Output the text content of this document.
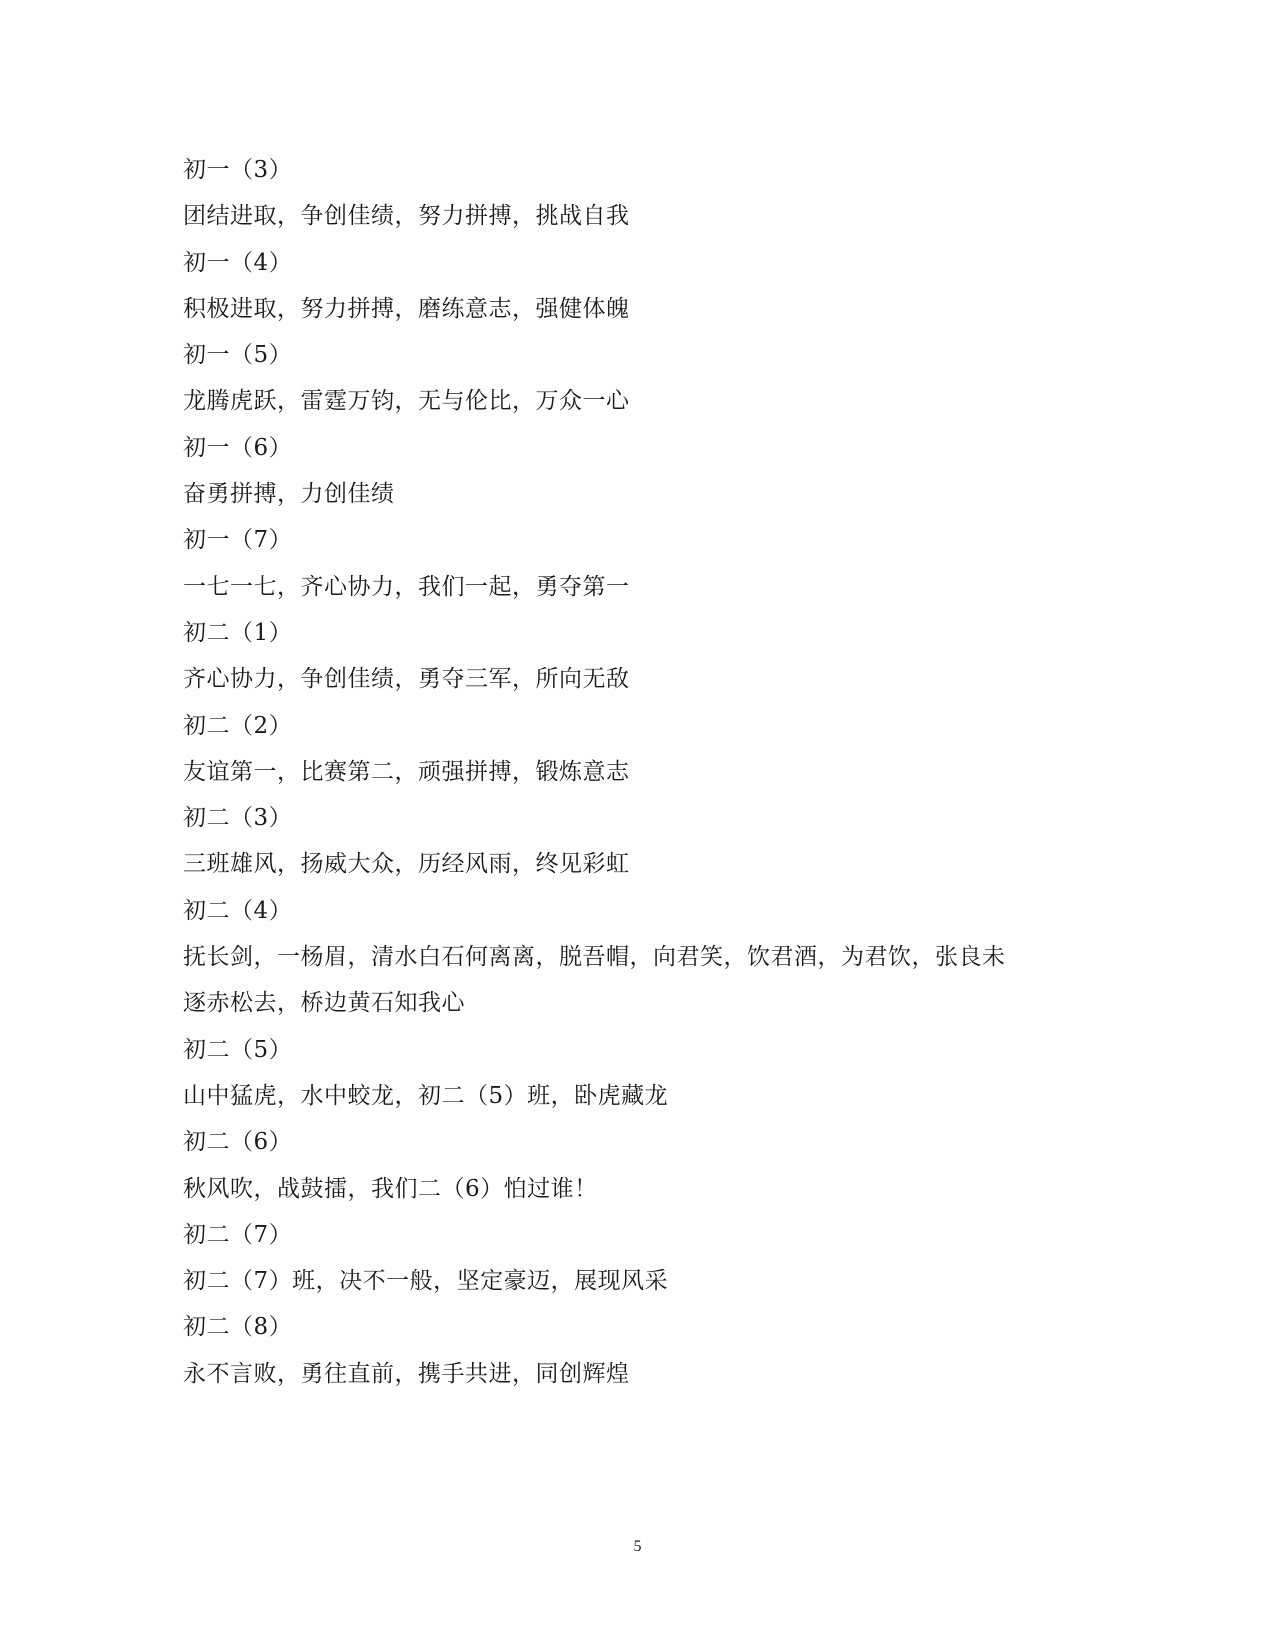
初一（3）
团结进取，争创佳绩，努力拼搏，挑战自我
初一（4）
积极进取，努力拼搏，磨练意志，强健体魄
初一（5）
龙腾虎跃，雷霆万钧，无与伦比，万众一心
初一（6）
奋勇拼搏，力创佳绩
初一（7）
一七一七，齐心协力，我们一起，勇夺第一
初二（1）
齐心协力，争创佳绩，勇夺三军，所向无敌
初二（2）
友谊第一，比赛第二，顽强拼搏，锻炼意志
初二（3）
三班雄风，扬威大众，历经风雨，终见彩虹
初二（4）
抚长剑，一杨眉，清水白石何离离，脱吾帽，向君笑，饮君酒，为君饮，张良未
逐赤松去，桥边黄石知我心
初二（5）
山中猛虎，水中蛟龙，初二（5）班，卧虎藏龙
初二（6）
秋风吹，战鼓擂，我们二（6）怕过谁！
初二（7）
初二（7）班，决不一般，坚定豪迈，展现风采
初二（8）
永不言败，勇往直前，携手共进，同创辉煌
5
